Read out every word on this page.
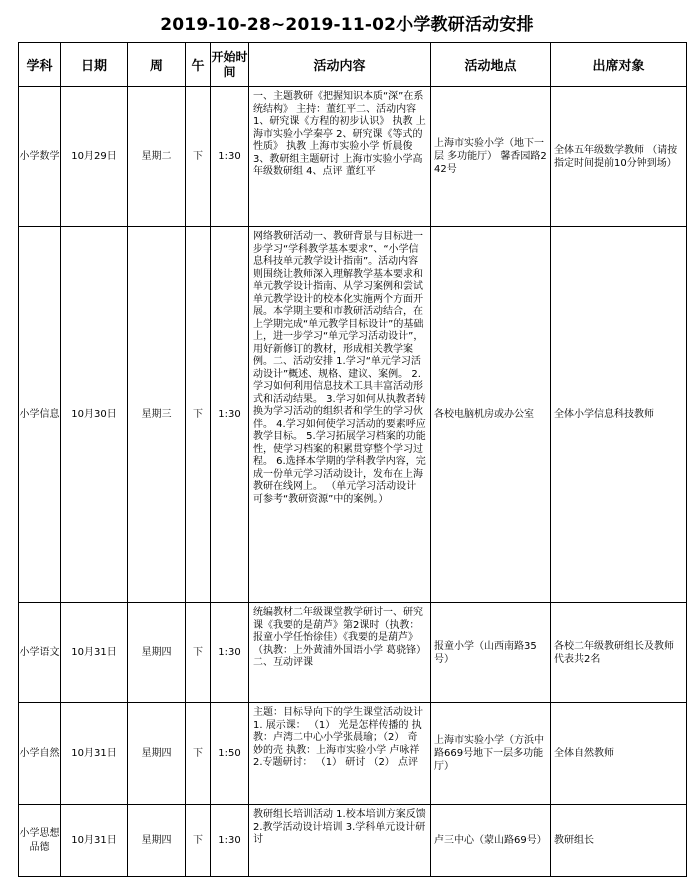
2019-10-28~2019-11-02小学教研活动安排
学科	日期	周	午	开始时间	活动内容	活动地点	出席对象
小学数学	10月29日	星期二	下	1:30	一、主题教研《把握知识本质“深”在系统结构》 主持：董红平二、活动内容 1、研究课《方程的初步认识》 执教 上海市实验小学秦亭 2、研究课《等式的性质》 执教 上海市实验小学 忻晨俊 3、教研组主题研讨 上海市实验小学高年级数研组 4、点评 董红平	上海市实验小学（地下一层 多功能厅） 馨香园路242号	全体五年级数学教师 （请按指定时间提前10分钟到场）
小学信息	10月30日	星期三	下	1:30	网络教研活动一、教研背景与目标进一步学习“学科教学基本要求”、“小学信息科技单元教学设计指南”。活动内容则围绕让教师深入理解教学基本要求和单元教学设计指南、从学习案例和尝试单元教学设计的校本化实施两个方面开展。本学期主要和市教研活动结合，在上学期完成“单元教学目标设计”的基础上，进一步学习“单元学习活动设计”，用好新修订的教材，形成相关教学案例。二、活动安排 1.学习“单元学习活动设计”概述、规格、建议、案例。 2.学习如何利用信息技术工具丰富活动形式和活动结果。 3.学习如何从执教者转换为学习活动的组织者和学生的学习伙伴。 4.学习如何使学习活动的要素呼应教学目标。 5.学习拓展学习档案的功能性，使学习档案的积累贯穿整个学习过程。 6.选择本学期的学科教学内容，完成一份单元学习活动设计，发布在上海教研在线网上。 （单元学习活动设计可参考“教研资源”中的案例。）	各校电脑机房或办公室	全体小学信息科技教师
小学语文	10月31日	星期四	下	1:30	统编教材二年级课堂教学研讨一、研究课《我要的是葫芦》第2课时（执教：报童小学任怡徐佳）《我要的是葫芦》（执教：上外黄浦外国语小学 葛骁锋）二、互动评课	报童小学（山西南路35号）	各校二年级教研组长及教师代表共2名
小学自然	10月31日	星期四	下	1:50	主题：目标导向下的学生课堂活动设计 1. 展示课： （1） 光是怎样传播的 执教：卢湾二中心小学张晨瑜；（2） 奇妙的壳 执教：上海市实验小学 卢咏祥 2.专题研讨： （1） 研讨 （2） 点评	上海市实验小学（方浜中路669号地下一层多功能厅）	全体自然教师
小学思想品德	10月31日	星期四	下	1:30	教研组长培训活动 1.校本培训方案反馈 2.教学活动设计培训 3.学科单元设计研讨	卢三中心（蒙山路69号）	教研组长
